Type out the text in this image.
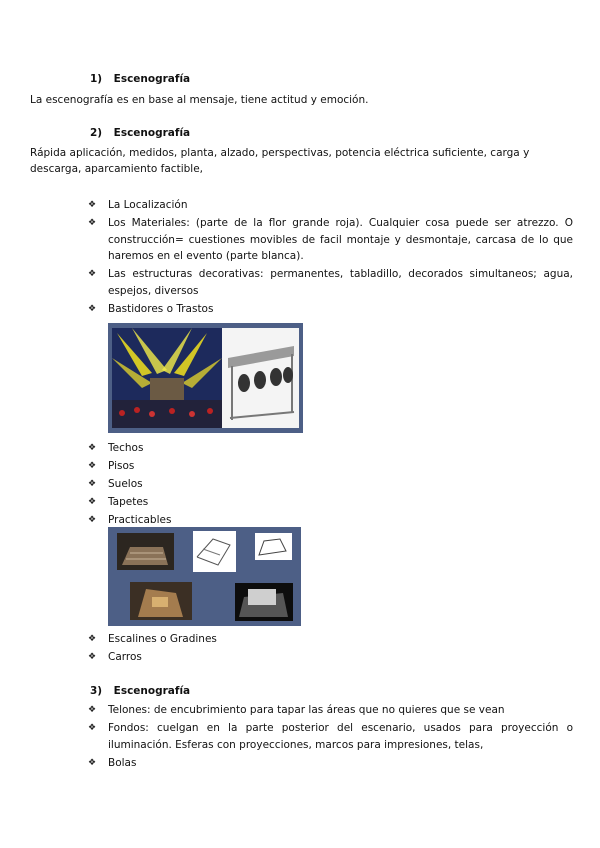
1) Escenografía
La escenografía es en base al mensaje, tiene actitud y emoción.
2) Escenografía
Rápida aplicación, medidos, planta, alzado, perspectivas, potencia eléctrica suficiente, carga y descarga, aparcamiento factible,
❖ La Localización
❖ Los Materiales: (parte de la flor grande roja). Cualquier cosa puede ser atrezzo. O construcción= cuestiones movibles de facil montaje y desmontaje, carcasa de lo que haremos en el evento (parte blanca).
❖ Las estructuras decorativas: permanentes, tabladillo, decorados simultaneos; agua, espejos, diversos
❖ Bastidores o Trastos
❖ Techos
❖ Pisos
❖ Suelos
❖ Tapetes
❖ Practicables
❖ Escalines o Gradines
❖ Carros
3) Escenografía
❖ Telones: de encubrimiento para tapar las áreas que no quieres que se vean
❖ Fondos: cuelgan en la parte posterior del escenario, usados para proyección o iluminación. Esferas con proyecciones, marcos para impresiones, telas,
❖ Bolas
